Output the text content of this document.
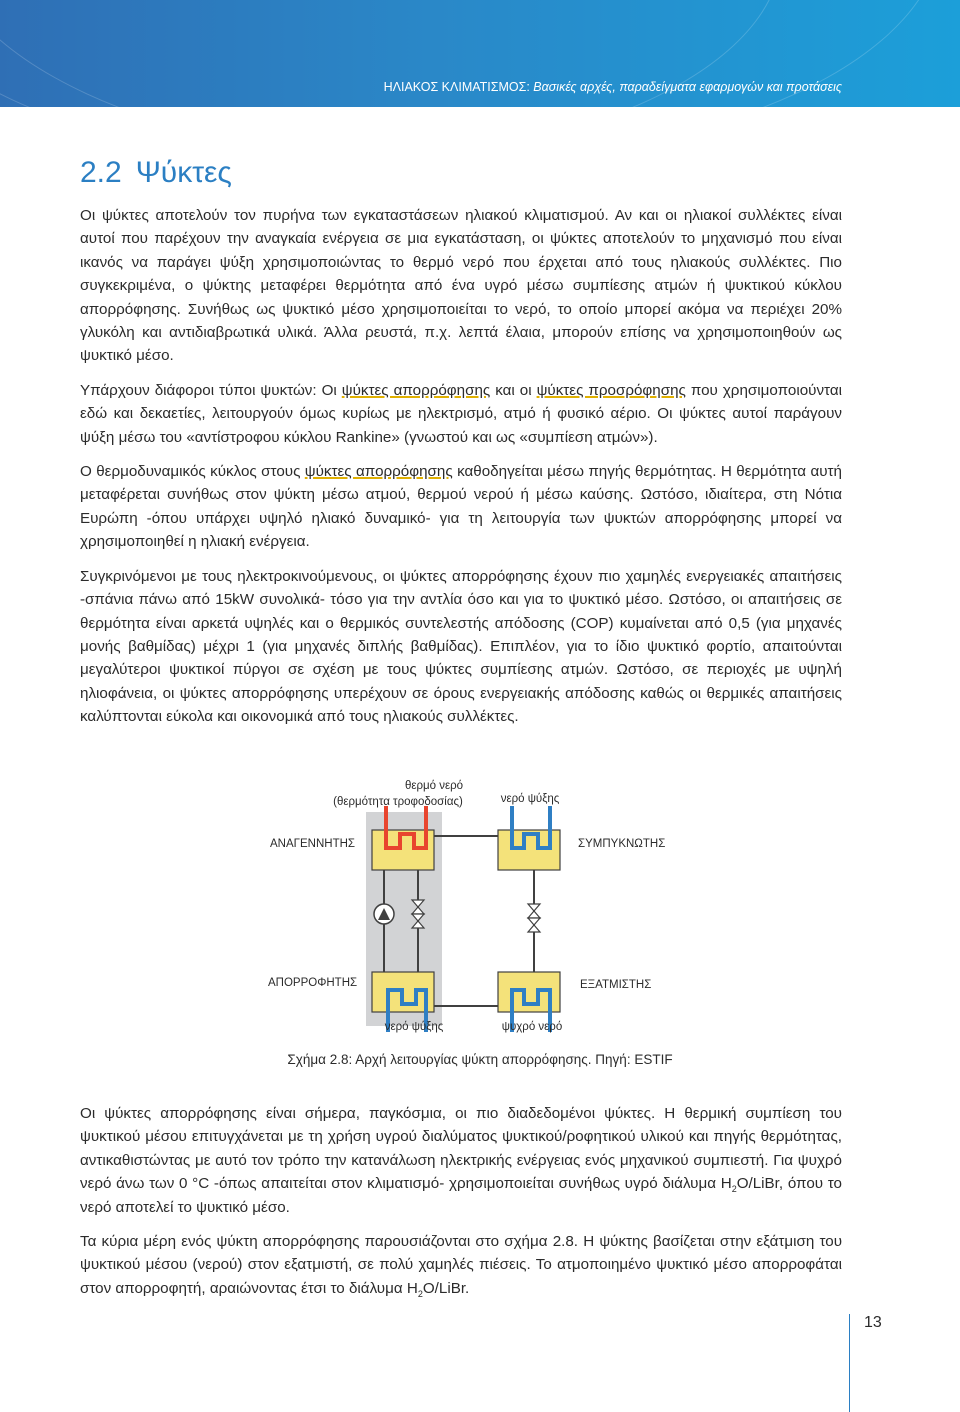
ΗΛΙΑΚΟΣ ΚΛΙΜΑΤΙΣΜΟΣ: Βασικές αρχές, παραδείγματα εφαρμογών και προτάσεις
2.2 Ψύκτες

Οι ψύκτες αποτελούν τον πυρήνα των εγκαταστάσεων ηλιακού κλιματισμού. Αν και οι ηλιακοί συλλέκτες είναι αυτοί που παρέχουν την αναγκαία ενέργεια σε μια εγκατάσταση, οι ψύκτες αποτελούν το μηχανισμό που είναι ικανός να παράγει ψύξη χρησιμοποιώντας το θερμό νερό που έρχεται από τους ηλιακούς συλλέκτες. Πιο συγκεκριμένα, ο ψύκτης μεταφέρει θερμότητα από ένα υγρό μέσω συμπίεσης ατμών ή ψυκτικού κύκλου απορρόφησης. Συνήθως ως ψυκτικό μέσο χρησιμοποιείται το νερό, το οποίο μπορεί ακόμα να περιέχει 20% γλυκόλη και αντιδιαβρωτικά υλικά. Άλλα ρευστά, π.χ. λεπτά έλαια, μπορούν επίσης να χρησιμοποιηθούν ως ψυκτικό μέσο.

Υπάρχουν διάφοροι τύποι ψυκτών: Οι ψύκτες απορρόφησης και οι ψύκτες προσρόφησης που χρησιμοποιούνται εδώ και δεκαετίες, λειτουργούν όμως κυρίως με ηλεκτρισμό, ατμό ή φυσικό αέριο. Οι ψύκτες αυτοί παράγουν ψύξη μέσω του «αντίστροφου κύκλου Rankine» (γνωστού και ως «συμπίεση ατμών»).

Ο θερμοδυναμικός κύκλος στους ψύκτες απορρόφησης καθοδηγείται μέσω πηγής θερμότητας. Η θερμότητα αυτή μεταφέρεται συνήθως στον ψύκτη μέσω ατμού, θερμού νερού ή μέσω καύσης. Ωστόσο, ιδιαίτερα, στη Νότια Ευρώπη -όπου υπάρχει υψηλό ηλιακό δυναμικό- για τη λειτουργία των ψυκτών απορρόφησης μπορεί να χρησιμοποιηθεί η ηλιακή ενέργεια.

Συγκρινόμενοι με τους ηλεκτροκινούμενους, οι ψύκτες απορρόφησης έχουν πιο χαμηλές ενεργειακές απαιτήσεις -σπάνια πάνω από 15kW συνολικά- τόσο για την αντλία όσο και για το ψυκτικό μέσο. Ωστόσο, οι απαιτήσεις σε θερμότητα είναι αρκετά υψηλές και ο θερμικός συντελεστής απόδοσης (COP) κυμαίνεται από 0,5 (για μηχανές μονής βαθμίδας) μέχρι 1 (για μηχανές διπλής βαθμίδας). Επιπλέον, για το ίδιο ψυκτικό φορτίο, απαιτούνται μεγαλύτεροι ψυκτικοί πύργοι σε σχέση με τους ψύκτες συμπίεσης ατμών. Ωστόσο, σε περιοχές με υψηλή ηλιοφάνεια, οι ψύκτες απορρόφησης υπερέχουν σε όρους ενεργειακής απόδοσης καθώς οι θερμικές απαιτήσεις καλύπτονται εύκολα και οικονομικά από τους ηλιακούς συλλέκτες.

θερμό νερό
(θερμότητα τροφοδοσίας)	νερό ψύξης
ΑΝΑΓΕΝΝΗΤΗΣ	ΣΥΜΠΥΚΝΩΤΗΣ
ΑΠΟΡΡΟΦΗΤΗΣ	ΕΞΑΤΜΙΣΤΗΣ
νερό ψύξης	ψυχρό νερό
Σχήμα 2.8: Αρχή λειτουργίας ψύκτη απορρόφησης. Πηγή: ESTIF

Οι ψύκτες απορρόφησης είναι σήμερα, παγκόσμια, οι πιο διαδεδομένοι ψύκτες. Η θερμική συμπίεση του ψυκτικού μέσου επιτυγχάνεται με τη χρήση υγρού διαλύματος ψυκτικού/ροφητικού υλικού και πηγής θερμότητας, αντικαθιστώντας με αυτό τον τρόπο την κατανάλωση ηλεκτρικής ενέργειας ενός μηχανικού συμπιεστή. Για ψυχρό νερό άνω των 0 °C -όπως απαιτείται στον κλιματισμό- χρησιμοποιείται συνήθως υγρό διάλυμα $H_2O$/LiBr, όπου το νερό αποτελεί το ψυκτικό μέσο.

Τα κύρια μέρη ενός ψύκτη απορρόφησης παρουσιάζονται στο σχήμα 2.8. Η ψύκτης βασίζεται στην εξάτμιση του ψυκτικού μέσου (νερού) στον εξατμιστή, σε πολύ χαμηλές πιέσεις. Το ατμοποιημένο ψυκτικό μέσο απορροφάται στον απορροφητή, αραιώνοντας έτσι το διάλυμα $H_2O$/LiBr.

13
